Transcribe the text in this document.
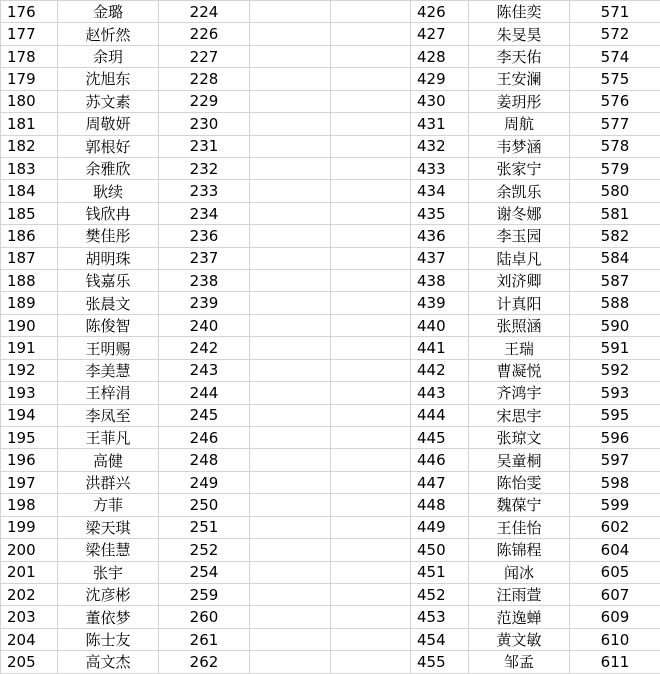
176	金璐	224			426	陈佳奕	571
177	赵忻然	226			427	朱旻昊	572
178	余玥	227			428	李天佑	574
179	沈旭东	228			429	王安澜	575
180	苏文素	229			430	姜玥彤	576
181	周敬妍	230			431	周航	577
182	郭根好	231			432	韦梦涵	578
183	余雅欣	232			433	张家宁	579
184	耿续	233			434	余凯乐	580
185	钱欣冉	234			435	谢冬娜	581
186	樊佳彤	236			436	李玉园	582
187	胡明珠	237			437	陆卓凡	584
188	钱嘉乐	238			438	刘济卿	587
189	张晨文	239			439	计真阳	588
190	陈俊智	240			440	张照涵	590
191	王明赐	242			441	王瑞	591
192	李美慧	243			442	曹凝悦	592
193	王梓涓	244			443	齐鸿宇	593
194	李凤至	245			444	宋思宇	595
195	王菲凡	246			445	张琼文	596
196	高健	248			446	吴童桐	597
197	洪群兴	249			447	陈怡雯	598
198	方菲	250			448	魏葆宁	599
199	梁天琪	251			449	王佳怡	602
200	梁佳慧	252			450	陈锦程	604
201	张宇	254			451	闻冰	605
202	沈彦彬	259			452	汪雨萱	607
203	董依梦	260			453	范逸蝉	609
204	陈士友	261			454	黄文敏	610
205	高文杰	262			455	邹孟	611
